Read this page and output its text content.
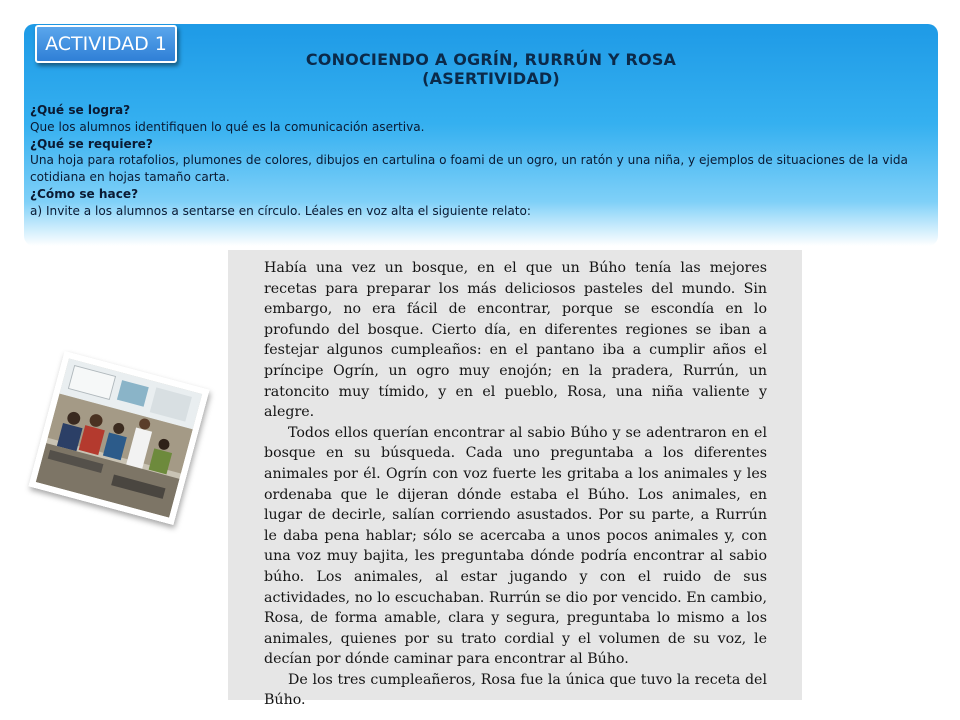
ACTIVIDAD 1
CONOCIENDO A OGRÍN, RURRÚN Y ROSA (ASERTIVIDAD)

¿Qué se logra?

Que los alumnos identifiquen lo qué es la comunicación asertiva.

¿Qué se requiere?

Una hoja para rotafolios, plumones de colores, dibujos en cartulina o foami de un ogro, un ratón y una niña, y ejemplos de situaciones de la vida cotidiana en hojas tamaño carta.

¿Cómo se hace?

a) Invite a los alumnos a sentarse en círculo. Léales en voz alta el siguiente relato:

Había una vez un bosque, en el que un Búho tenía las mejores recetas para preparar los más deliciosos pasteles del mundo. Sin embargo, no era fácil de encontrar, porque se escondía en lo profundo del bosque. Cierto día, en diferentes regiones se iban a festejar algunos cumpleaños: en el pantano iba a cumplir años el príncipe Ogrín, un ogro muy enojón; en la pradera, Rurrún, un ratoncito muy tímido, y en el pueblo, Rosa, una niña valiente y alegre.

Todos ellos querían encontrar al sabio Búho y se adentraron en el bosque en su búsqueda. Cada uno preguntaba a los diferentes animales por él. Ogrín con voz fuerte les gritaba a los animales y les ordenaba que le dijeran dónde estaba el Búho. Los animales, en lugar de decirle, salían corriendo asustados. Por su parte, a Rurrún le daba pena hablar; sólo se acercaba a unos pocos animales y, con una voz muy bajita, les preguntaba dónde podría encontrar al sabio búho. Los animales, al estar jugando y con el ruido de sus actividades, no lo escuchaban. Rurrún se dio por vencido. En cambio, Rosa, de forma amable, clara y segura, preguntaba lo mismo a los animales, quienes por su trato cordial y el volumen de su voz, le decían por dónde caminar para encontrar al Búho.

De los tres cumpleañeros, Rosa fue la única que tuvo la receta del Búho.
